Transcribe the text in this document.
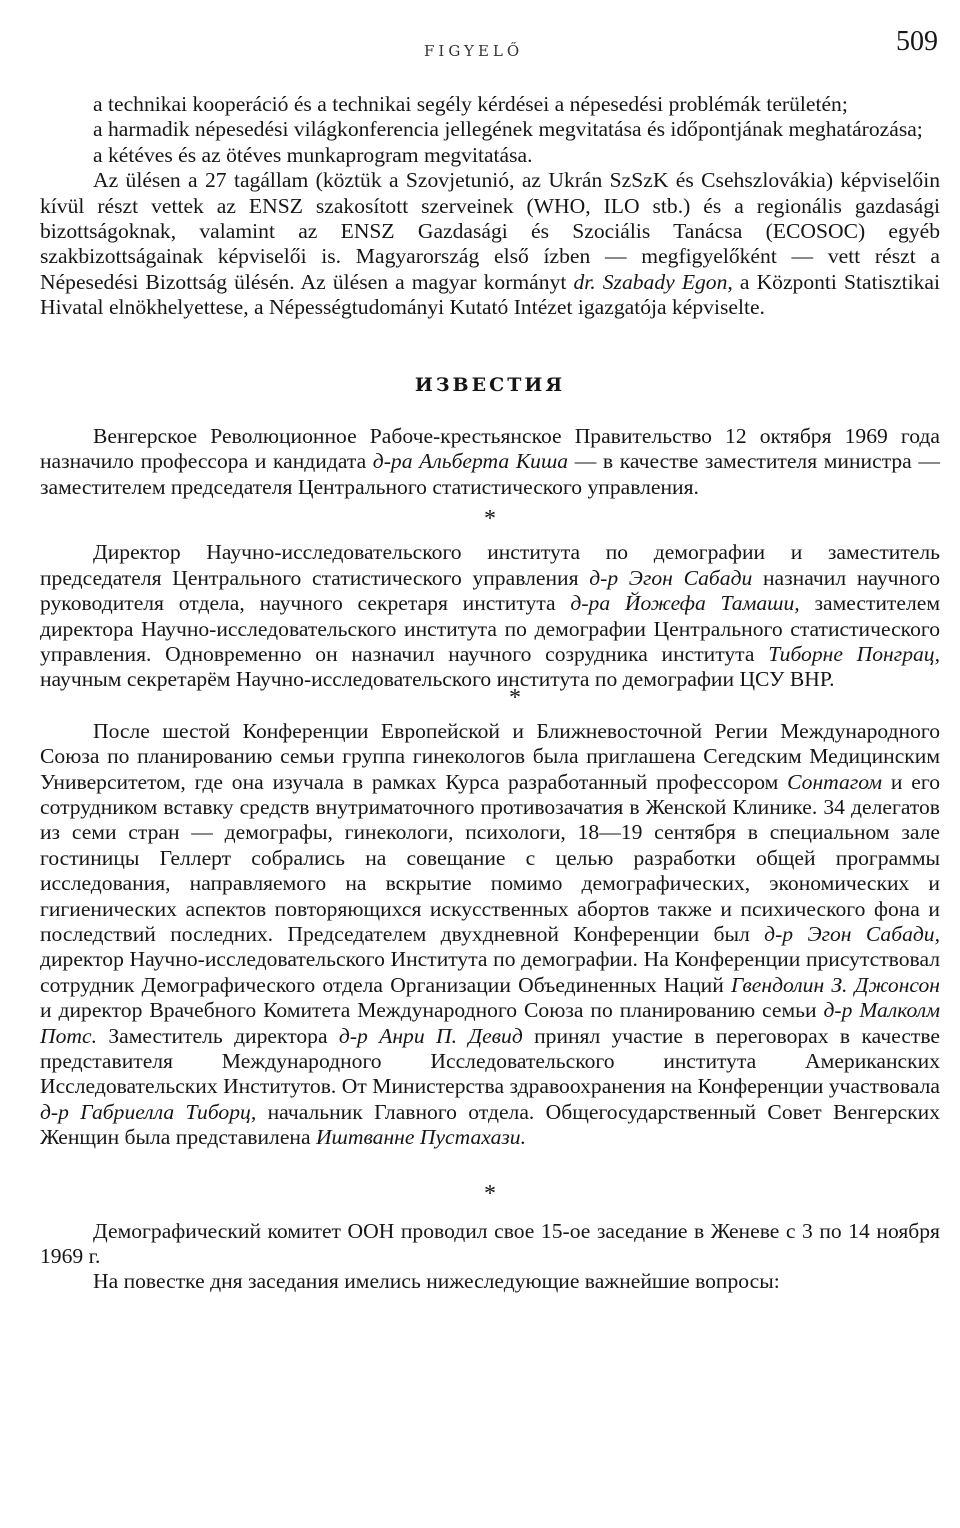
FIGYELŐ	509

a technikai kooperáció és a technikai segély kérdései a népesedési problémák területén;

a harmadik népesedési világkonferencia jellegének megvitatása és időpontjának meghatározása;

a kétéves és az ötéves munkaprogram megvitatása.

Az ülésen a 27 tagállam (köztük a Szovjetunió, az Ukrán SzSzK és Csehszlovákia) képviselőin kívül részt vettek az ENSZ szakosított szerveinek (WHO, ILO stb.) és a regionális gazdasági bizottságoknak, valamint az ENSZ Gazdasági és Szociális Tanácsa (ECOSOC) egyéb szakbizottságainak képviselői is. Magyarország első ízben — megfigyelőként — vett részt a Népesedési Bizottság ülésén. Az ülésen a magyar kormányt dr. Szabady Egon, a Központi Statisztikai Hivatal elnökhelyettese, a Népességtudományi Kutató Intézet igazgatója képviselte.

ИЗВЕСТИЯ

Венгерское Революционное Рабоче-крестьянское Правительство 12 октября 1969 года назначило профессора и кандидата д-ра Альберта Киша — в качестве заместителя министра — заместителем председателя Центрального статистического управления.

*

Директор Научно-исследовательского института по демографии и заместитель председателя Центрального статистического управления д-р Эгон Сабади назначил научного руководителя отдела, научного секретаря института д-ра Йожефа Тамаши, заместителем директора Научно-исследовательского института по демографии Центрального статистического управления. Одновременно он назначил научного созрудника института Тиборне Понграц, научным секретарём Научно-исследовательского института по демографии ЦСУ ВНР.

*

После шестой Конференции Европейской и Ближневосточной Регии Международного Союза по планированию семьи группа гинекологов была приглашена Сегедским Медицинским Университетом, где она изучала в рамках Курса разработанный профессором Сонтагом и его сотрудником вставку средств внутриматочного противозачатия в Женской Клинике. 34 делегатов из семи стран — демографы, гинекологи, психологи, 18—19 сентября в специальном зале гостиницы Геллерт собрались на совещание с целью разработки общей программы исследования, направляемого на вскрытие помимо демографических, экономических и гигиенических аспектов повторяющихся искусственных абортов также и психического фона и последствий последних. Председателем двухдневной Конференции был д-р Эгон Сабади, директор Научно-исследовательского Института по демографии. На Конференции присутствовал сотрудник Демографического отдела Организации Объединенных Наций Гвендолин З. Джонсон и директор Врачебного Комитета Международного Союза по планированию семьи д-р Малколм Потс. Заместитель директора д-р Анри П. Девид принял участие в переговорах в качестве представителя Международного Исследовательского института Американских Исследовательских Институтов. От Министерства здравоохранения на Конференции участвовала д-р Габриелла Тиборц, начальник Главного отдела. Общегосударственный Совет Венгерских Женщин была представилена Иштванне Пустахази.

*

Демографический комитет ООН проводил свое 15-ое заседание в Женеве с 3 по 14 ноября 1969 г.

На повестке дня заседания имелись нижеследующие важнейшие вопросы:
